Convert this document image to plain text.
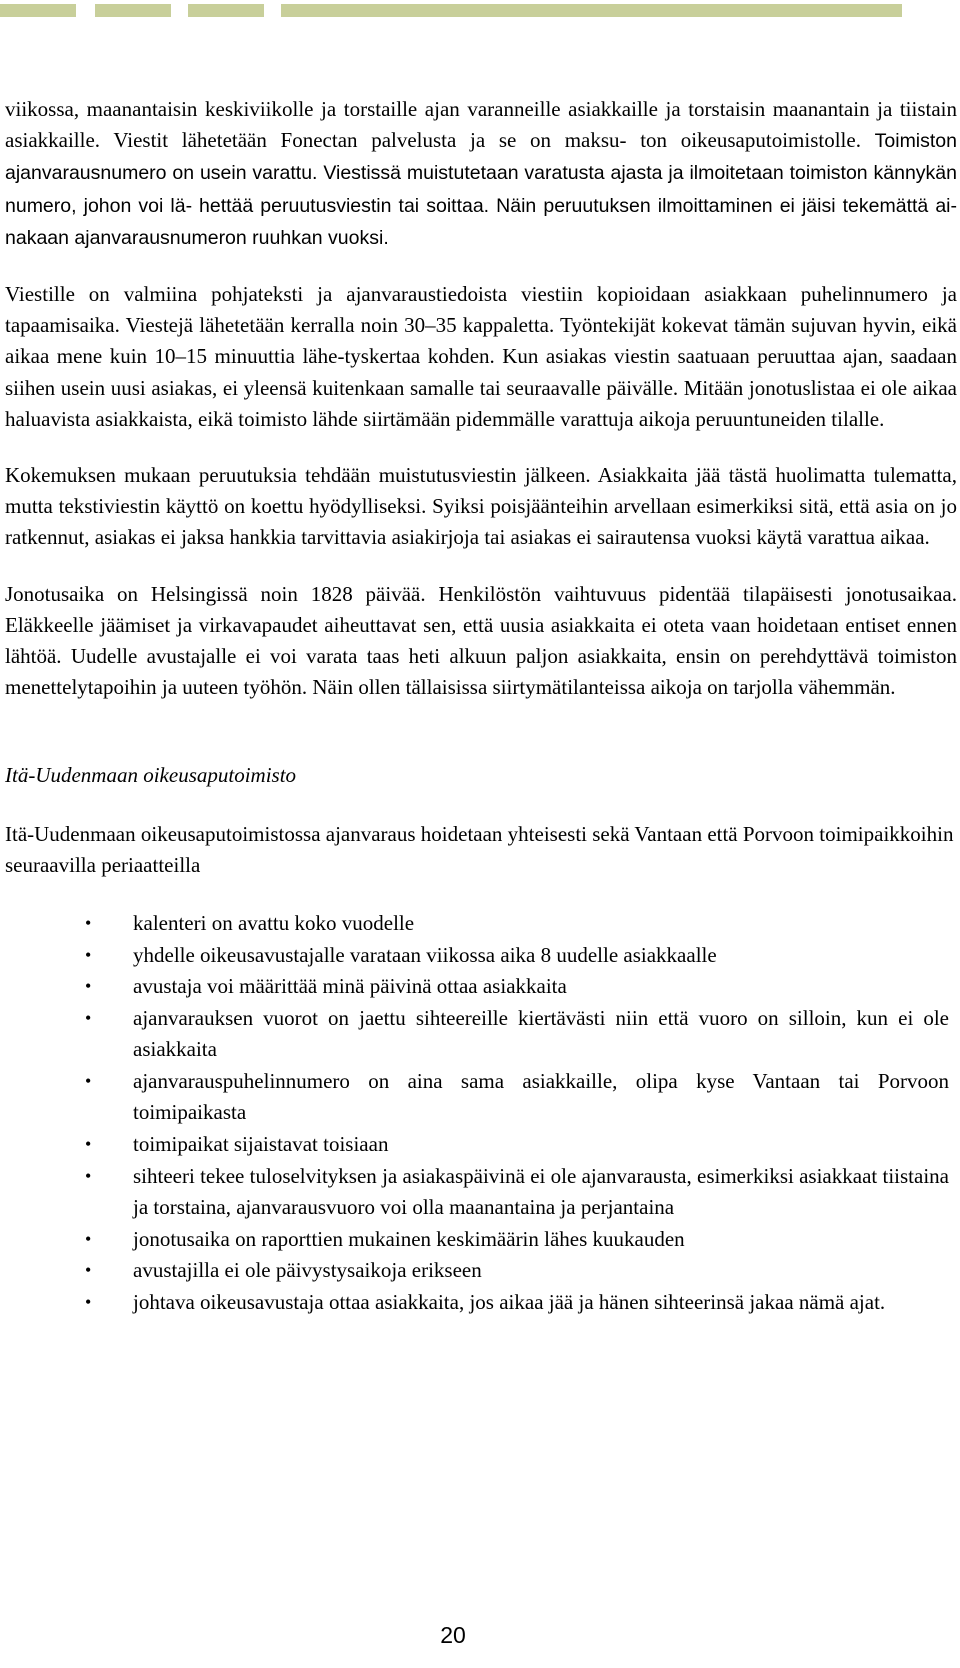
viikossa, maanantaisin keskiviikolle ja torstaille ajan varanneille asiakkaille ja torstaisin maanantain ja tiistain asiakkaille. Viestit lähetetään Fonectan palvelusta ja se on maksu- ton oikeusaputoimistolle. Toimiston ajanvarausnumero on usein varattu. Viestissä muistutetaan varatusta ajasta ja ilmoitetaan toimiston kännykän numero, johon voi lä- hettää peruutusviestin tai soittaa. Näin peruutuksen ilmoittaminen ei jäisi tekemättä ai- nakaan ajanvarausnumeron ruuhkan vuoksi.

Viestille on valmiina pohjateksti ja ajanvaraustiedoista viestiin kopioidaan asiakkaan puhelinnumero ja tapaamisaika. Viestejä lähetetään kerralla noin 30–35 kappaletta. Työntekijät kokevat tämän sujuvan hyvin, eikä aikaa mene kuin 10–15 minuuttia lähe-tyskertaa kohden. Kun asiakas viestin saatuaan peruuttaa ajan, saadaan siihen usein uusi asiakas, ei yleensä kuitenkaan samalle tai seuraavalle päivälle. Mitään jonotuslistaa ei ole aikaa haluavista asiakkaista, eikä toimisto lähde siirtämään pidemmälle varattuja aikoja peruuntuneiden tilalle.

Kokemuksen mukaan peruutuksia tehdään muistutusviestin jälkeen. Asiakkaita jää tästä huolimatta tulematta, mutta tekstiviestin käyttö on koettu hyödylliseksi. Syiksi poisjäänteihin arvellaan esimerkiksi sitä, että asia on jo ratkennut, asiakas ei jaksa hankkia tarvittavia asiakirjoja tai asiakas ei sairautensa vuoksi käytä varattua aikaa.

Jonotusaika on Helsingissä noin 1828 päivää. Henkilöstön vaihtuvuus pidentää tilapäisesti jonotusaikaa. Eläkkeelle jäämiset ja virkavapaudet aiheuttavat sen, että uusia asiakkaita ei oteta vaan hoidetaan entiset ennen lähtöä. Uudelle avustajalle ei voi varata taas heti alkuun paljon asiakkaita, ensin on perehdyttävä toimiston menettelytapoihin ja uuteen työhön. Näin ollen tällaisissa siirtymätilanteissa aikoja on tarjolla vähemmän.

Itä-Uudenmaan oikeusaputoimisto

Itä-Uudenmaan oikeusaputoimistossa ajanvaraus hoidetaan yhteisesti sekä Vantaan että Porvoon toimipaikkoihin seuraavilla periaatteilla

• kalenteri on avattu koko vuodelle
• yhdelle oikeusavustajalle varataan viikossa aika 8 uudelle asiakkaalle
• avustaja voi määrittää minä päivinä ottaa asiakkaita
• ajanvarauksen vuorot on jaettu sihteereille kiertävästi niin että vuoro on silloin, kun ei ole asiakkaita
• ajanvarauspuhelinnumero on aina sama asiakkaille, olipa kyse Vantaan tai Porvoon toimipaikasta
• toimipaikat sijaistavat toisiaan
• sihteeri tekee tuloselvityksen ja asiakaspäivinä ei ole ajanvarausta, esimerkiksi asiakkaat tiistaina ja torstaina, ajanvarausvuoro voi olla maanantaina ja perjantaina
• jonotusaika on raporttien mukainen keskimäärin lähes kuukauden
• avustajilla ei ole päivystysaikoja erikseen
• johtava oikeusavustaja ottaa asiakkaita, jos aikaa jää ja hänen sihteerinsä jakaa nämä ajat.
20
